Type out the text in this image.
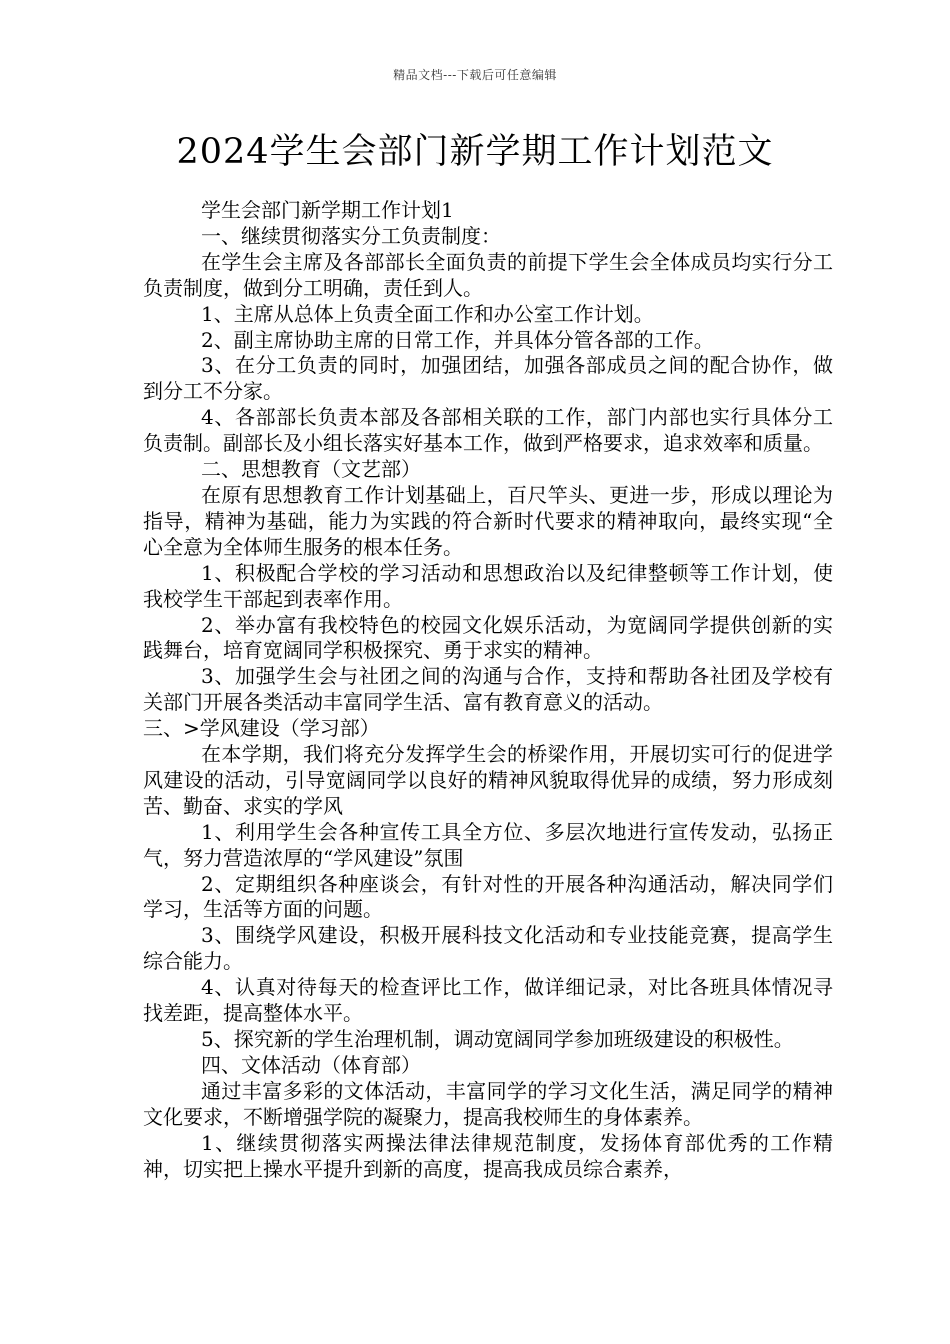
精品文档---下载后可任意编辑
2024学生会部门新学期工作计划范文

学生会部门新学期工作计划1

一、继续贯彻落实分工负责制度：

在学生会主席及各部部长全面负责的前提下学生会全体成员均实行分工负责制度，做到分工明确，责任到人。

1、主席从总体上负责全面工作和办公室工作计划。

2、副主席协助主席的日常工作，并具体分管各部的工作。

3、在分工负责的同时，加强团结，加强各部成员之间的配合协作，做到分工不分家。

4、各部部长负责本部及各部相关联的工作，部门内部也实行具体分工负责制。副部长及小组长落实好基本工作，做到严格要求，追求效率和质量。

二、思想教育（文艺部）

在原有思想教育工作计划基础上，百尺竿头、更进一步，形成以理论为指导，精神为基础，能力为实践的符合新时代要求的精神取向，最终实现“全心全意为全体师生服务的根本任务。

1、积极配合学校的学习活动和思想政治以及纪律整顿等工作计划，使我校学生干部起到表率作用。

2、举办富有我校特色的校园文化娱乐活动，为宽阔同学提供创新的实践舞台，培育宽阔同学积极探究、勇于求实的精神。

3、加强学生会与社团之间的沟通与合作，支持和帮助各社团及学校有关部门开展各类活动丰富同学生活、富有教育意义的活动。

三、>学风建设（学习部）

在本学期，我们将充分发挥学生会的桥梁作用，开展切实可行的促进学风建设的活动，引导宽阔同学以良好的精神风貌取得优异的成绩，努力形成刻苦、勤奋、求实的学风

1、利用学生会各种宣传工具全方位、多层次地进行宣传发动，弘扬正气，努力营造浓厚的“学风建设”氛围

2、定期组织各种座谈会，有针对性的开展各种沟通活动，解决同学们学习，生活等方面的问题。

3、围绕学风建设，积极开展科技文化活动和专业技能竞赛，提高学生综合能力。

4、认真对待每天的检查评比工作，做详细记录，对比各班具体情况寻找差距，提高整体水平。

5、探究新的学生治理机制，调动宽阔同学参加班级建设的积极性。

四、文体活动（体育部）

通过丰富多彩的文体活动，丰富同学的学习文化生活，满足同学的精神文化要求，不断增强学院的凝聚力，提高我校师生的身体素养。

1、继续贯彻落实两操法律法律规范制度，发扬体育部优秀的工作精神，切实把上操水平提升到新的高度，提高我成员综合素养，
